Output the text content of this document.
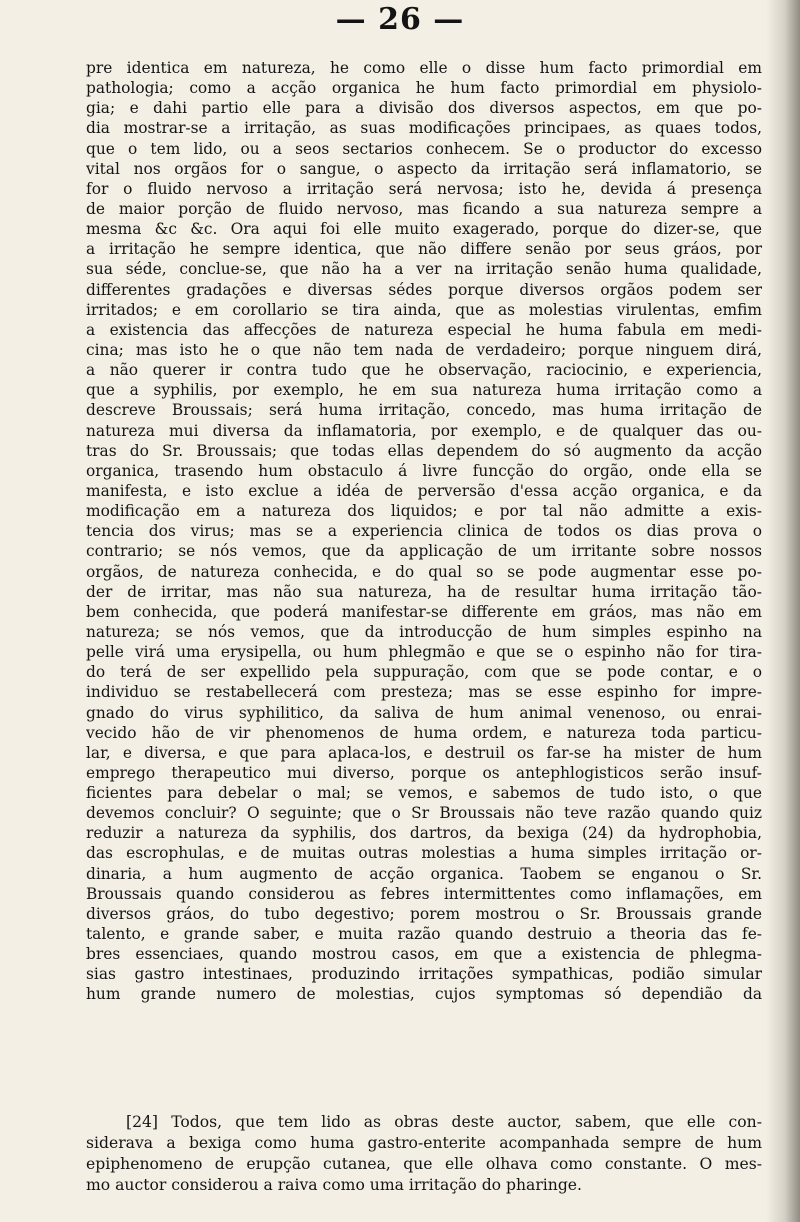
— 26 —
pre identica em natureza, he como elle o disse hum facto primordial em
pathologia; como a acção organica he hum facto primordial em physiolo-
gia; e dahi partio elle para a divisão dos diversos aspectos, em que po-
dia mostrar-se a irritação, as suas modificações principaes, as quaes todos,
que o tem lido, ou a seos sectarios conhecem. Se o productor do excesso
vital nos orgãos for o sangue, o aspecto da irritação será inflamatorio, se
for o fluido nervoso a irritação será nervosa; isto he, devida á presença
de maior porção de fluido nervoso, mas ficando a sua natureza sempre a
mesma &c &c. Ora aqui foi elle muito exagerado, porque do dizer-se, que
a irritação he sempre identica, que não differe senão por seus gráos, por
sua séde, conclue-se, que não ha a ver na irritação senão huma qualidade,
differentes gradações e diversas sédes porque diversos orgãos podem ser
irritados; e em corollario se tira ainda, que as molestias virulentas, emfim
a existencia das affecções de natureza especial he huma fabula em medi-
cina; mas isto he o que não tem nada de verdadeiro; porque ninguem dirá,
a não querer ir contra tudo que he observação, raciocinio, e experiencia,
que a syphilis, por exemplo, he em sua natureza huma irritação como a
descreve Broussais; será huma irritação, concedo, mas huma irritação de
natureza mui diversa da inflamatoria, por exemplo, e de qualquer das ou-
tras do Sr. Broussais; que todas ellas dependem do só augmento da acção
organica, trasendo hum obstaculo á livre funcção do orgão, onde ella se
manifesta, e isto exclue a idéa de perversão d'essa acção organica, e da
modificação em a natureza dos liquidos; e por tal não admitte a exis-
tencia dos virus; mas se a experiencia clinica de todos os dias prova o
contrario; se nós vemos, que da applicação de um irritante sobre nossos
orgãos, de natureza conhecida, e do qual so se pode augmentar esse po-
der de irritar, mas não sua natureza, ha de resultar huma irritação tão-
bem conhecida, que poderá manifestar-se differente em gráos, mas não em
natureza; se nós vemos, que da introducção de hum simples espinho na
pelle virá uma erysipella, ou hum phlegmão e que se o espinho não for tira-
do terá de ser expellido pela suppuração, com que se pode contar, e o
individuo se restabellecerá com presteza; mas se esse espinho for impre-
gnado do virus syphilitico, da saliva de hum animal venenoso, ou enrai-
vecido hão de vir phenomenos de huma ordem, e natureza toda particu-
lar, e diversa, e que para aplaca-los, e destruil os far-se ha mister de hum
emprego therapeutico mui diverso, porque os antephlogisticos serão insuf-
ficientes para debelar o mal; se vemos, e sabemos de tudo isto, o que
devemos concluir? O seguinte; que o Sr Broussais não teve razão quando quiz
reduzir a natureza da syphilis, dos dartros, da bexiga (24) da hydrophobia,
das escrophulas, e de muitas outras molestias a huma simples irritação or-
dinaria, a hum augmento de acção organica. Taobem se enganou o Sr.
Broussais quando considerou as febres intermittentes como inflamações, em
diversos gráos, do tubo degestivo; porem mostrou o Sr. Broussais grande
talento, e grande saber, e muita razão quando destruio a theoria das fe-
bres essenciaes, quando mostrou casos, em que a existencia de phlegma-
sias gastro intestinaes, produzindo irritações sympathicas, podião simular
hum grande numero de molestias, cujos symptomas só dependião da
[24] Todos, que tem lido as obras deste auctor, sabem, que elle con-
siderava a bexiga como huma gastro-enterite acompanhada sempre de hum
epiphenomeno de erupção cutanea, que elle olhava como constante. O mes-
mo auctor considerou a raiva como uma irritação do pharinge.
